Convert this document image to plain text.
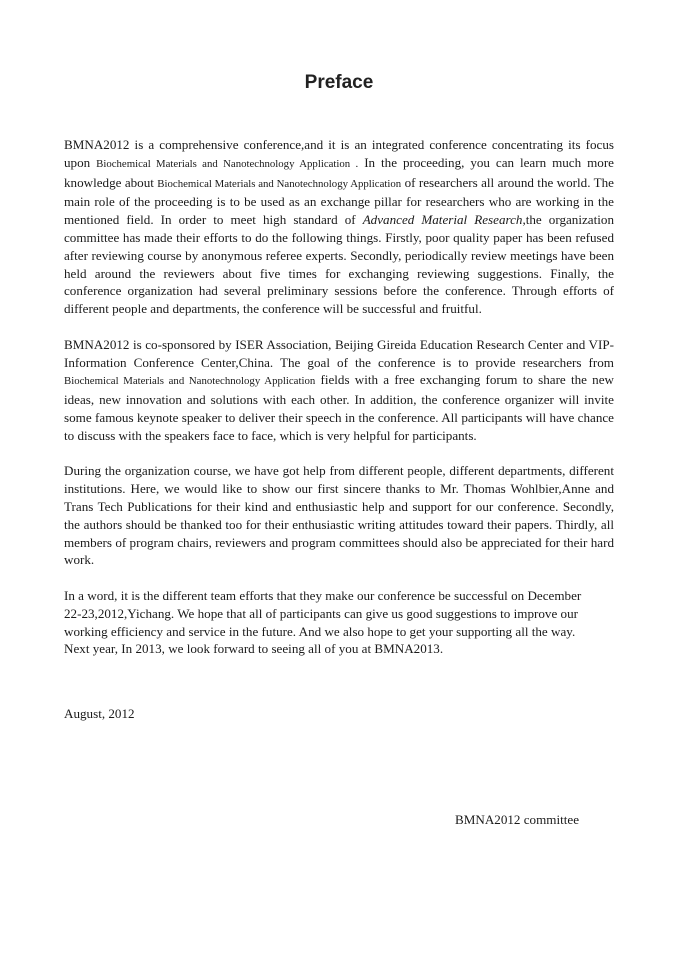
Preface

BMNA2012 is a comprehensive conference,and it is an integrated conference concentrating its focus upon Biochemical Materials and Nanotechnology Application . In the proceeding, you can learn much more knowledge about Biochemical Materials and Nanotechnology Application of researchers all around the world. The main role of the proceeding is to be used as an exchange pillar for researchers who are working in the mentioned field. In order to meet high standard of Advanced Material Research,the organization committee has made their efforts to do the following things. Firstly, poor quality paper has been refused after reviewing course by anonymous referee experts. Secondly, periodically review meetings have been held around the reviewers about five times for exchanging reviewing suggestions. Finally, the conference organization had several preliminary sessions before the conference. Through efforts of different people and departments, the conference will be successful and fruitful.

BMNA2012 is co-sponsored by ISER Association, Beijing Gireida Education Research Center and VIP-Information Conference Center,China. The goal of the conference is to provide researchers from Biochemical Materials and Nanotechnology Application fields with a free exchanging forum to share the new ideas, new innovation and solutions with each other. In addition, the conference organizer will invite some famous keynote speaker to deliver their speech in the conference. All participants will have chance to discuss with the speakers face to face, which is very helpful for participants.

During the organization course, we have got help from different people, different departments, different institutions. Here, we would like to show our first sincere thanks to Mr. Thomas Wohlbier,Anne and Trans Tech Publications for their kind and enthusiastic help and support for our conference. Secondly, the authors should be thanked too for their enthusiastic writing attitudes toward their papers. Thirdly, all members of program chairs, reviewers and program committees should also be appreciated for their hard work.

In a word, it is the different team efforts that they make our conference be successful on December
22-23,2012,Yichang. We hope that all of participants can give us good suggestions to improve our
working efficiency and service in the future. And we also hope to get your supporting all the way.
Next year, In 2013, we look forward to seeing all of you at BMNA2013.

August, 2012

BMNA2012 committee
